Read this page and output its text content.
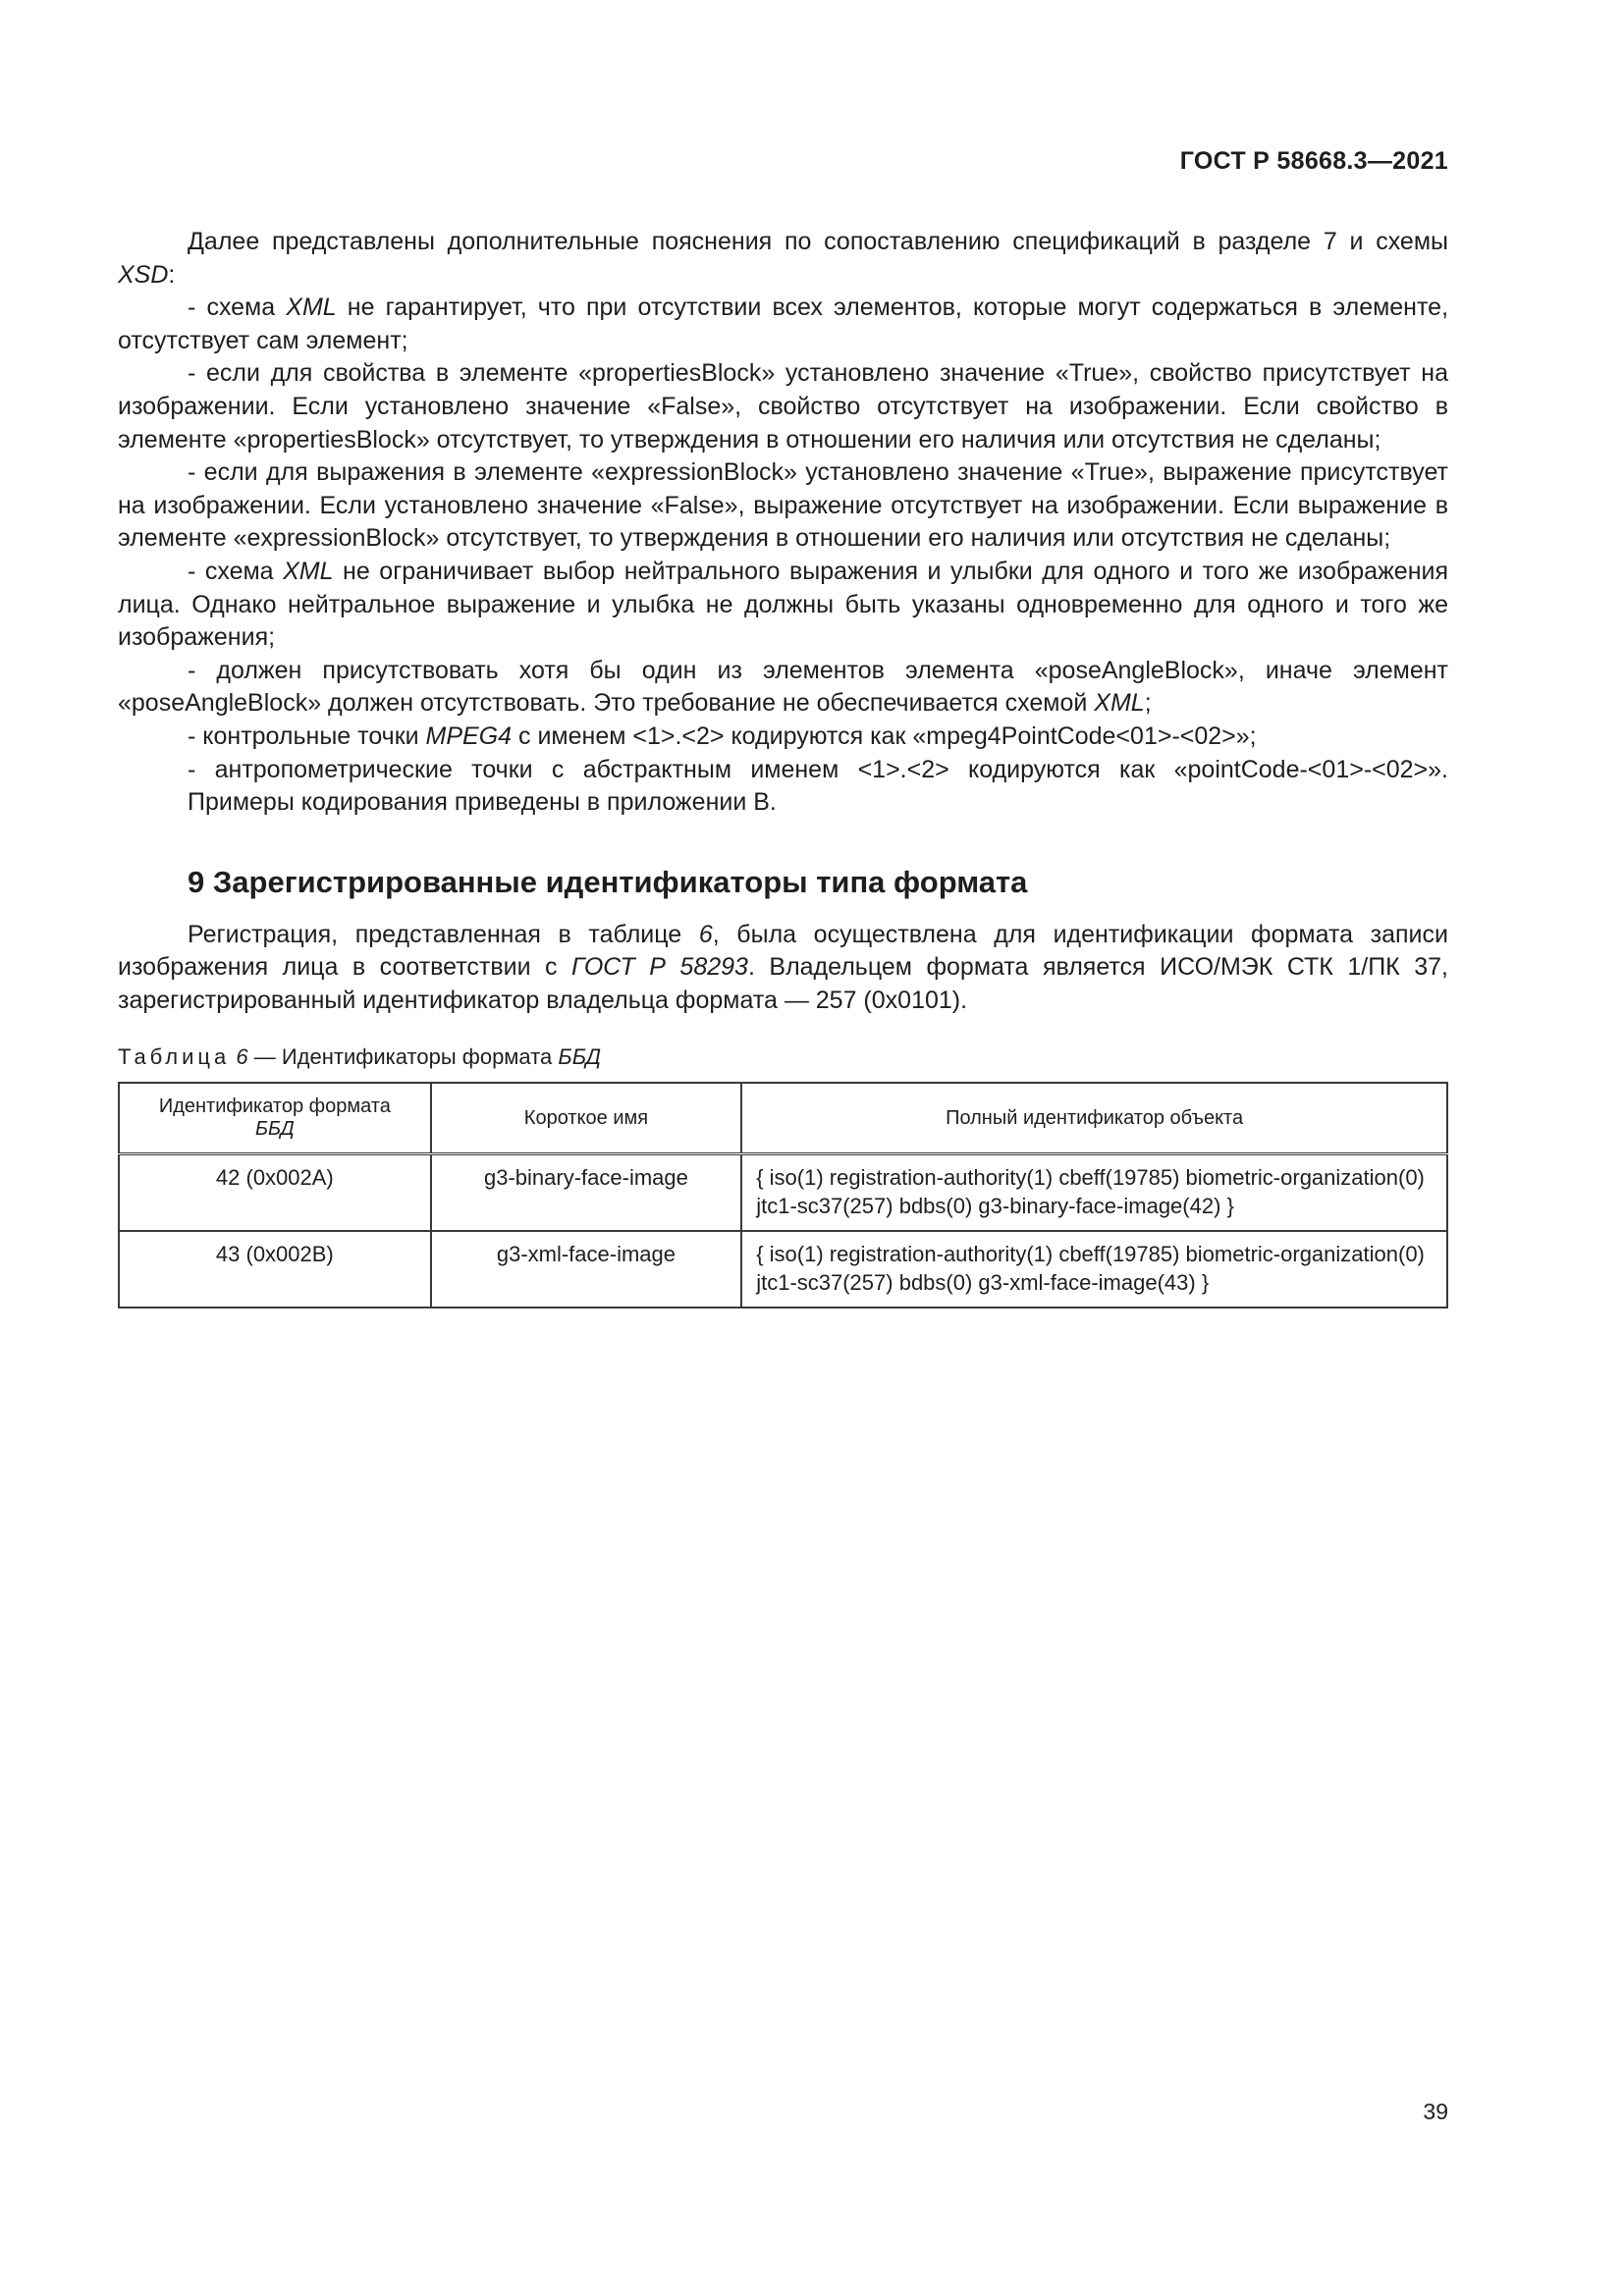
ГОСТ Р 58668.3—2021

Далее представлены дополнительные пояснения по сопоставлению спецификаций в разделе 7 и схемы XSD:

- схема XML не гарантирует, что при отсутствии всех элементов, которые могут содержаться в элементе, отсутствует сам элемент;

- если для свойства в элементе «propertiesBlock» установлено значение «True», свойство присутствует на изображении. Если установлено значение «False», свойство отсутствует на изображении. Если свойство в элементе «propertiesBlock» отсутствует, то утверждения в отношении его наличия или отсутствия не сделаны;

- если для выражения в элементе «expressionBlock» установлено значение «True», выражение присутствует на изображении. Если установлено значение «False», выражение отсутствует на изображении. Если выражение в элементе «expressionBlock» отсутствует, то утверждения в отношении его наличия или отсутствия не сделаны;

- схема XML не ограничивает выбор нейтрального выражения и улыбки для одного и того же изображения лица. Однако нейтральное выражение и улыбка не должны быть указаны одновременно для одного и того же изображения;

- должен присутствовать хотя бы один из элементов элемента «poseAngleBlock», иначе элемент «poseAngleBlock» должен отсутствовать. Это требование не обеспечивается схемой XML;

- контрольные точки MPEG4 с именем <1>.<2> кодируются как «mpeg4PointCode<01>-<02>»;

- антропометрические точки с абстрактным именем <1>.<2> кодируются как «pointCode-<01>-<02>».

Примеры кодирования приведены в приложении В.

9 Зарегистрированные идентификаторы типа формата

Регистрация, представленная в таблице 6, была осуществлена для идентификации формата записи изображения лица в соответствии с ГОСТ Р 58293. Владельцем формата является ИСО/МЭК СТК 1/ПК 37, зарегистрированный идентификатор владельца формата — 257 (0x0101).

Таблица 6 — Идентификаторы формата ББД
Идентификатор формата
ББД	Короткое имя	Полный идентификатор объекта
42 (0x002A)	g3-binary-face-image	{ iso(1) registration-authority(1) cbeff(19785) biometric-organization(0) jtc1-sc37(257) bdbs(0) g3-binary-face-image(42) }
43 (0x002B)	g3-xml-face-image	{ iso(1) registration-authority(1) cbeff(19785) biometric-organization(0) jtc1-sc37(257) bdbs(0) g3-xml-face-image(43) }
39
